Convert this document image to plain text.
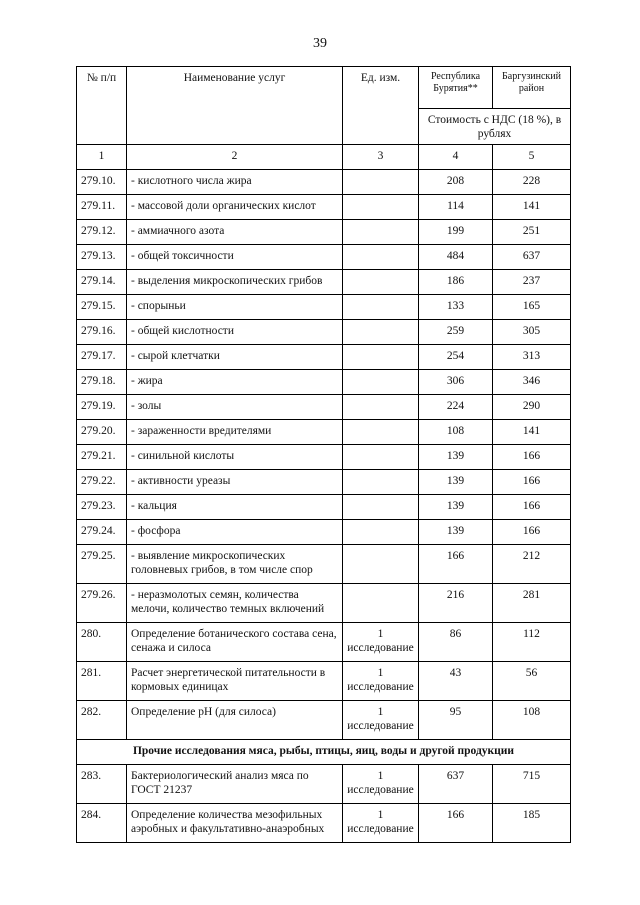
39
№ п/п	Наименование услуг	Ед. изм.	Республика Бурятия**	Баргузинский район
			Стоимость с НДС (18 %), в рублях	
1	2	3	4	5
279.10.	- кислотного числа жира		208	228
279.11.	- массовой доли органических кислот		114	141
279.12.	- аммиачного азота		199	251
279.13.	- общей токсичности		484	637
279.14.	- выделения микроскопических грибов		186	237
279.15.	- спорыньи		133	165
279.16.	- общей кислотности		259	305
279.17.	- сырой клетчатки		254	313
279.18.	- жира		306	346
279.19.	- золы		224	290
279.20.	- зараженности вредителями		108	141
279.21.	- синильной кислоты		139	166
279.22.	- активности уреазы		139	166
279.23.	- кальция		139	166
279.24.	- фосфора		139	166
279.25.	- выявление микроскопических головневых грибов, в том числе спор		166	212
279.26.	- неразмолотых семян, количества мелочи, количество темных включений		216	281
280.	Определение ботанического состава сена, сенажа и силоса	1 исследование	86	112
281.	Расчет энергетической питательности в кормовых единицах	1 исследование	43	56
282.	Определение pH (для силоса)	1 исследование	95	108
Прочие исследования мяса, рыбы, птицы, яиц, воды и другой продукции				
283.	Бактериологический анализ мяса по ГОСТ 21237	1 исследование	637	715
284.	Определение количества мезофильных аэробных и факультативно-анаэробных	1 исследование	166	185
